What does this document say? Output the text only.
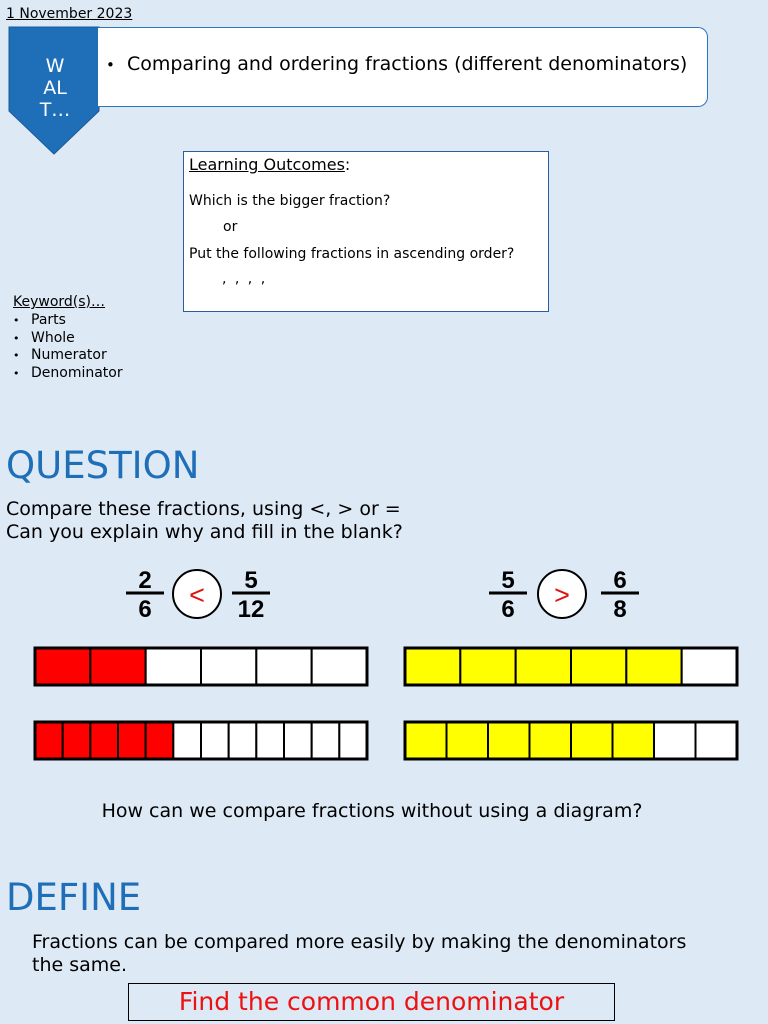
1 November 2023
W
AL
T…
• Comparing and ordering fractions (different denominators)
Learning Outcomes:
Which is the bigger fraction?
or
Put the following fractions in ascending order?
, , , ,
Keyword(s)…
• Parts
• Whole
• Numerator
• Denominator
QUESTION
Compare these fractions, using <, > or =
Can you explain why and fill in the blank?
2
6 < 5
12
5
6 > 6
8
How can we compare fractions without using a diagram?
DEFINE
Fractions can be compared more easily by making the denominators
the same.
Find the common denominator
